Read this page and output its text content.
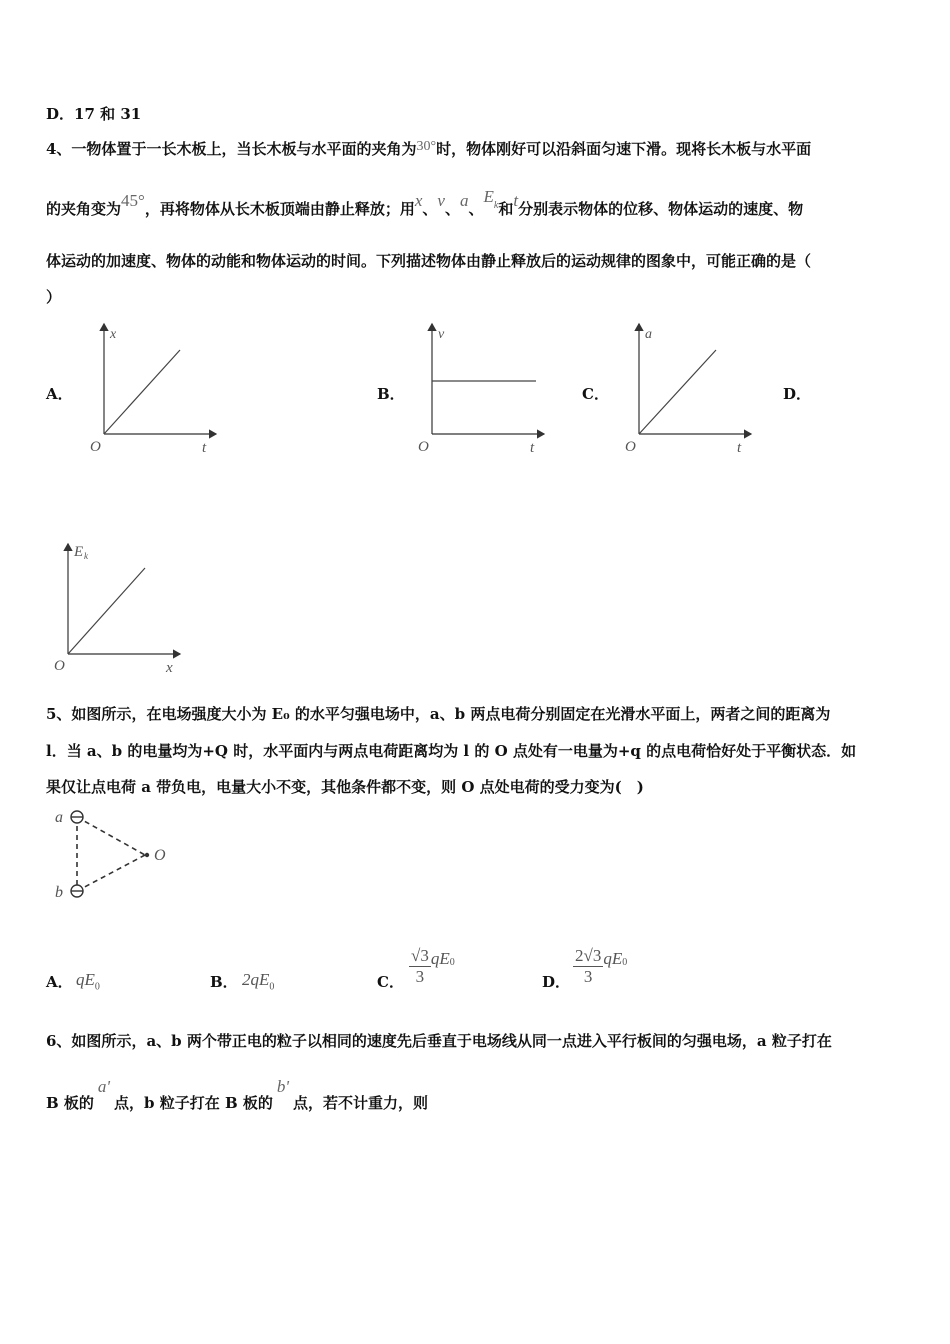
D．17 和 31
4、一物体置于一长木板上，当长木板与水平面的夹角为30°时，物体刚好可以沿斜面匀速下滑。现将长木板与水平面
的夹角变为45°，再将物体从长木板顶端由静止释放；用x、v、a、$E^k$和t分别表示物体的位移、物体运动的速度、物
体运动的加速度、物体的动能和物体运动的时间。下列描述物体由静止释放后的运动规律的图象中，可能正确的是（
）
A．	B．	C．	D．
x
O	t
v
O	t
a
O	t
E k
O	x
5、如图所示，在电场强度大小为 E₀ 的水平匀强电场中，a、b 两点电荷分别固定在光滑水平面上，两者之间的距离为
l．当 a、b 的电量均为+Q 时，水平面内与两点电荷距离均为 l 的 O 点处有一电量为+q 的点电荷恰好处于平衡状态．如
果仅让点电荷 a 带负电，电量大小不变，其他条件都不变，则 O 点处电荷的受力变为(　)
a
b
O
A． $qE_0$	B． $2qE_0$	C． $\frac{√3}{3} qE_0$
D． $\frac{2√3}{3} qE_0$
6、如图所示，a、b 两个带正电的粒子以相同的速度先后垂直于电场线从同一点进入平行板间的匀强电场，a 粒子打在
B 板的a'点，b 粒子打在 B 板的b'点，若不计重力，则
